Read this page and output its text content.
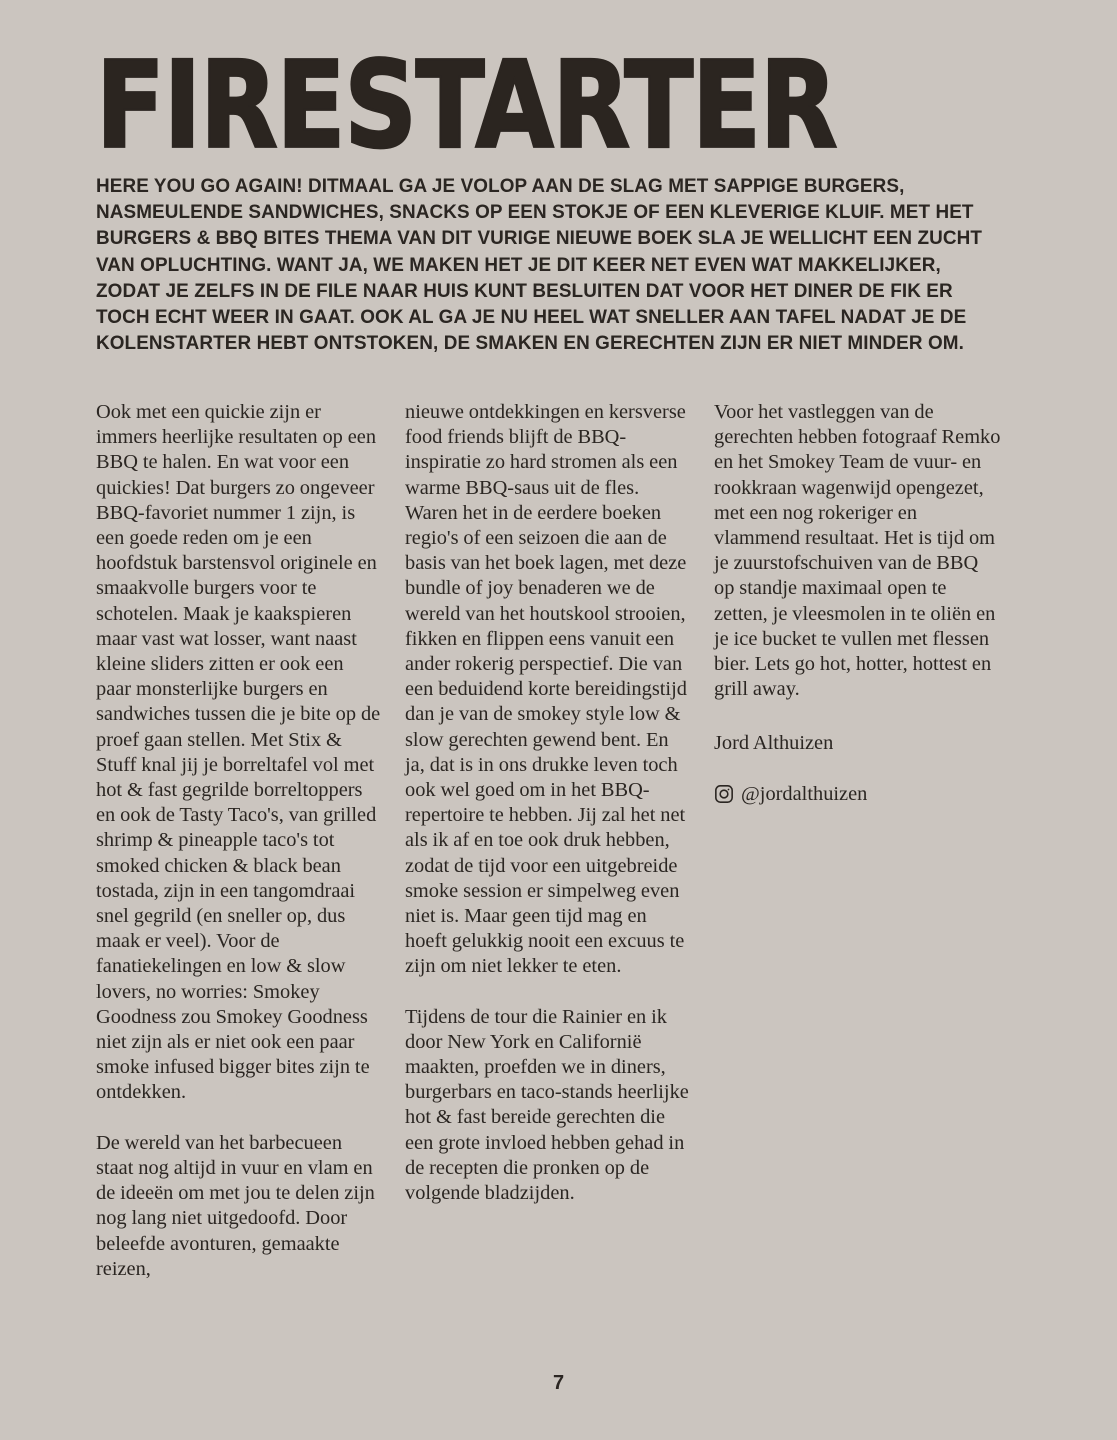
FIRESTARTER

HERE YOU GO AGAIN! DITMAAL GA JE VOLOP AAN DE SLAG MET SAPPIGE BURGERS, NASMEULENDE SANDWICHES, SNACKS OP EEN STOKJE OF EEN KLEVERIGE KLUIF. MET HET BURGERS & BBQ BITES THEMA VAN DIT VURIGE NIEUWE BOEK SLA JE WELLICHT EEN ZUCHT VAN OPLUCHTING. WANT JA, WE MAKEN HET JE DIT KEER NET EVEN WAT MAKKELIJKER, ZODAT JE ZELFS IN DE FILE NAAR HUIS KUNT BESLUITEN DAT VOOR HET DINER DE FIK ER TOCH ECHT WEER IN GAAT. OOK AL GA JE NU HEEL WAT SNELLER AAN TAFEL NADAT JE DE KOLENSTARTER HEBT ONTSTOKEN, DE SMAKEN EN GERECHTEN ZIJN ER NIET MINDER OM.

Ook met een quickie zijn er immers heerlijke resultaten op een BBQ te halen. En wat voor een quickies! Dat burgers zo ongeveer BBQ-favoriet nummer 1 zijn, is een goede reden om je een hoofdstuk barstensvol originele en smaakvolle burgers voor te schotelen. Maak je kaakspieren maar vast wat losser, want naast kleine sliders zitten er ook een paar monsterlijke burgers en sandwiches tussen die je bite op de proef gaan stellen. Met Stix & Stuff knal jij je borreltafel vol met hot & fast gegrilde borreltoppers en ook de Tasty Taco's, van grilled shrimp & pineapple taco's tot smoked chicken & black bean tostada, zijn in een tangomdraai snel gegrild (en sneller op, dus maak er veel). Voor de fanatiekelingen en low & slow lovers, no worries: Smokey Goodness zou Smokey Goodness niet zijn als er niet ook een paar smoke infused bigger bites zijn te ontdekken.

De wereld van het barbecueen staat nog altijd in vuur en vlam en de ideeën om met jou te delen zijn nog lang niet uitgedoofd. Door beleefde avonturen, gemaakte reizen,

nieuwe ontdekkingen en kersverse food friends blijft de BBQ-inspiratie zo hard stromen als een warme BBQ-saus uit de fles. Waren het in de eerdere boeken regio's of een seizoen die aan de basis van het boek lagen, met deze bundle of joy benaderen we de wereld van het houtskool strooien, fikken en flippen eens vanuit een ander rokerig perspectief. Die van een beduidend korte bereidingstijd dan je van de smokey style low & slow gerechten gewend bent. En ja, dat is in ons drukke leven toch ook wel goed om in het BBQ-repertoire te hebben. Jij zal het net als ik af en toe ook druk hebben, zodat de tijd voor een uitgebreide smoke session er simpelweg even niet is. Maar geen tijd mag en hoeft gelukkig nooit een excuus te zijn om niet lekker te eten.

Tijdens de tour die Rainier en ik door New York en Californië maakten, proefden we in diners, burgerbars en taco-stands heerlijke hot & fast bereide gerechten die een grote invloed hebben gehad in de recepten die pronken op de volgende bladzijden.

Voor het vastleggen van de gerechten hebben fotograaf Remko en het Smokey Team de vuur- en rookkraan wagenwijd opengezet, met een nog rokeriger en vlammend resultaat. Het is tijd om je zuurstofschuiven van de BBQ op standje maximaal open te zetten, je vleesmolen in te oliën en je ice bucket te vullen met flessen bier. Lets go hot, hotter, hottest en grill away.

Jord Althuizen

@jordalthuizen
7
